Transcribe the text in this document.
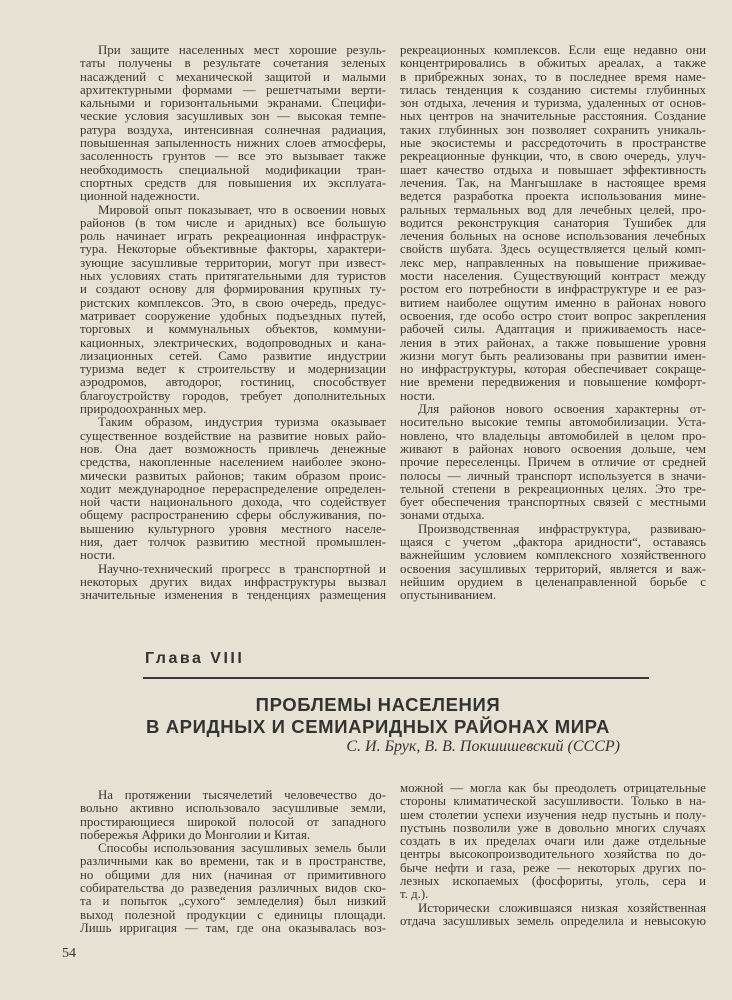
При защите населенных мест хорошие резуль-
таты получены в результате сочетания зеленых
насаждений с механической защитой и малыми
архитектурными формами — решетчатыми верти-
кальными и горизонтальными экранами. Специфи-
ческие условия засушливых зон — высокая темпе-
ратура воздуха, интенсивная солнечная радиация,
повышенная запыленность нижних слоев атмосферы,
засоленность грунтов — все это вызывает также
необходимость специальной модификации тран-
спортных средств для повышения их эксплуата-
ционной надежности.
Мировой опыт показывает, что в освоении новых
районов (в том числе и аридных) все большую
роль начинает играть рекреационная инфраструк-
тура. Некоторые объективные факторы, характери-
зующие засушливые территории, могут при извест-
ных условиях стать притягательными для туристов
и создают основу для формирования крупных ту-
ристских комплексов. Это, в свою очередь, предус-
матривает сооружение удобных подъездных путей,
торговых и коммунальных объектов, коммуни-
кационных, электрических, водопроводных и кана-
лизационных сетей. Само развитие индустрии
туризма ведет к строительству и модернизации
аэродромов, автодорог, гостиниц, способствует
благоустройству городов, требует дополнительных
природоохранных мер.
Таким образом, индустрия туризма оказывает
существенное воздействие на развитие новых райо-
нов. Она дает возможность привлечь денежные
средства, накопленные населением наиболее эконо-
мически развитых районов; таким образом проис-
ходит международное перераспределение определен-
ной части национального дохода, что содействует
общему распространению сферы обслуживания, по-
вышению культурного уровня местного населе-
ния, дает толчок развитию местной промышлен-
ности.
Научно-технический прогресс в транспортной и
некоторых других видах инфраструктуры вызвал
значительные изменения в тенденциях размещения
рекреационных комплексов. Если еще недавно они
концентрировались в обжитых ареалах, а также
в прибрежных зонах, то в последнее время наме-
тилась тенденция к созданию системы глубинных
зон отдыха, лечения и туризма, удаленных от основ-
ных центров на значительные расстояния. Создание
таких глубинных зон позволяет сохранить уникаль-
ные экосистемы и рассредоточить в пространстве
рекреационные функции, что, в свою очередь, улуч-
шает качество отдыха и повышает эффективность
лечения. Так, на Мангышлаке в настоящее время
ведется разработка проекта использования мине-
ральных термальных вод для лечебных целей, про-
водится реконструкция санатория Тушибек для
лечения больных на основе использования лечебных
свойств шубата. Здесь осуществляется целый комп-
лекс мер, направленных на повышение приживае-
мости населения. Существующий контраст между
ростом его потребности в инфраструктуре и ее раз-
витием наиболее ощутим именно в районах нового
освоения, где особо остро стоит вопрос закрепления
рабочей силы. Адаптация и приживаемость насе-
ления в этих районах, а также повышение уровня
жизни могут быть реализованы при развитии имен-
но инфраструктуры, которая обеспечивает сокраще-
ние времени передвижения и повышение комфорт-
ности.
Для районов нового освоения характерны от-
носительно высокие темпы автомобилизации. Уста-
новлено, что владельцы автомобилей в целом про-
живают в районах нового освоения дольше, чем
прочие переселенцы. Причем в отличие от средней
полосы — личный транспорт используется в значи-
тельной степени в рекреационных целях. Это тре-
бует обеспечения транспортных связей с местными
зонами отдыха.
Производственная инфраструктура, развиваю-
щаяся с учетом „фактора аридности“, оставаясь
важнейшим условием комплексного хозяйственного
освоения засушливых территорий, является и важ-
нейшим орудием в целенаправленной борьбе с
опустыниванием.
Глава VIII
ПРОБЛЕМЫ НАСЕЛЕНИЯ
В АРИДНЫХ И СЕМИАРИДНЫХ РАЙОНАХ МИРА
С. И. Брук, В. В. Покшишевский (СССР)
На протяжении тысячелетий человечество до-
вольно активно использовало засушливые земли,
простирающиеся широкой полосой от западного
побережья Африки до Монголии и Китая.
Способы использования засушливых земель были
различными как во времени, так и в пространстве,
но общими для них (начиная от примитивного
собирательства до разведения различных видов ско-
та и попыток „сухого“ земледелия) был низкий
выход полезной продукции с единицы площади.
Лишь ирригация — там, где она оказывалась воз-
можной — могла как бы преодолеть отрицательные
стороны климатической засушливости. Только в на-
шем столетии успехи изучения недр пустынь и полу-
пустынь позволили уже в довольно многих случаях
создать в их пределах очаги или даже отдельные
центры высокопроизводительного хозяйства по до-
быче нефти и газа, реже — некоторых других по-
лезных ископаемых (фосфориты, уголь, сера и
т. д.).
Исторически сложившаяся низкая хозяйственная
отдача засушливых земель определила и невысокую
54
